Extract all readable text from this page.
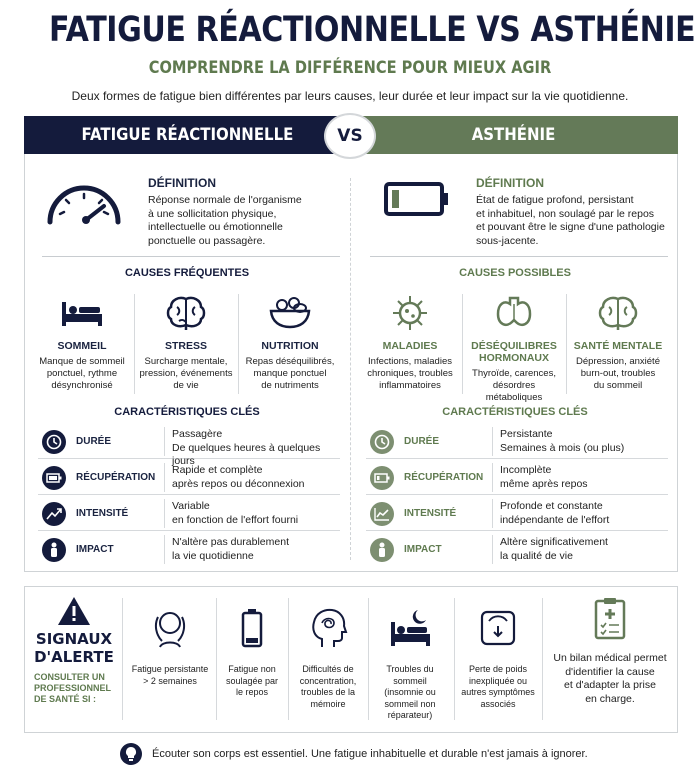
FATIGUE RÉACTIONNELLE VS ASTHÉNIE
COMPRENDRE LA DIFFÉRENCE POUR MIEUX AGIR
Deux formes de fatigue bien différentes par leurs causes, leur durée et leur impact sur la vie quotidienne.
FATIGUE RÉACTIONNELLE	ASTHÉNIE
VS
DÉFINITION
Réponse normale de l'organisme
à une sollicitation physique,
intellectuelle ou émotionnelle
ponctuelle ou passagère.
CAUSES FRÉQUENTES
SOMMEIL
Manque de sommeil
ponctuel, rythme
désynchronisé
STRESS
Surcharge mentale,
pression, événements
de vie
NUTRITION
Repas déséquilibrés,
manque ponctuel
de nutriments
CARACTÉRISTIQUES CLÉS
DURÉE
Passagère
De quelques heures à quelques jours
RÉCUPÉRATION
Rapide et complète
après repos ou déconnexion
INTENSITÉ
Variable
en fonction de l'effort fourni
IMPACT
N'altère pas durablement
la vie quotidienne
DÉFINITION
État de fatigue profond, persistant
et inhabituel, non soulagé par le repos
et pouvant être le signe d'une pathologie
sous-jacente.
CAUSES POSSIBLES
MALADIES
Infections, maladies
chroniques, troubles
inflammatoires
DÉSÉQUILIBRES
HORMONAUX
Thyroïde, carences,
désordres métaboliques
SANTÉ MENTALE
Dépression, anxiété
burn-out, troubles
du sommeil
CARACTÉRISTIQUES CLÉS
DURÉE
Persistante
Semaines à mois (ou plus)
RÉCUPÉRATION
Incomplète
même après repos
INTENSITÉ
Profonde et constante
indépendante de l'effort
IMPACT
Altère significativement
la qualité de vie
SIGNAUX
D'ALERTE
CONSULTER UN
PROFESSIONNEL
DE SANTÉ SI :
Fatigue persistante
> 2 semaines
Fatigue non
soulagée par
le repos
Difficultés de
concentration,
troubles de la
mémoire
Troubles du sommeil
(insomnie ou
sommeil non
réparateur)
Perte de poids
inexpliquée ou
autres symptômes
associés
Un bilan médical permet
d'identifier la cause
et d'adapter la prise
en charge.
Écouter son corps est essentiel. Une fatigue inhabituelle et durable n'est jamais à ignorer.
